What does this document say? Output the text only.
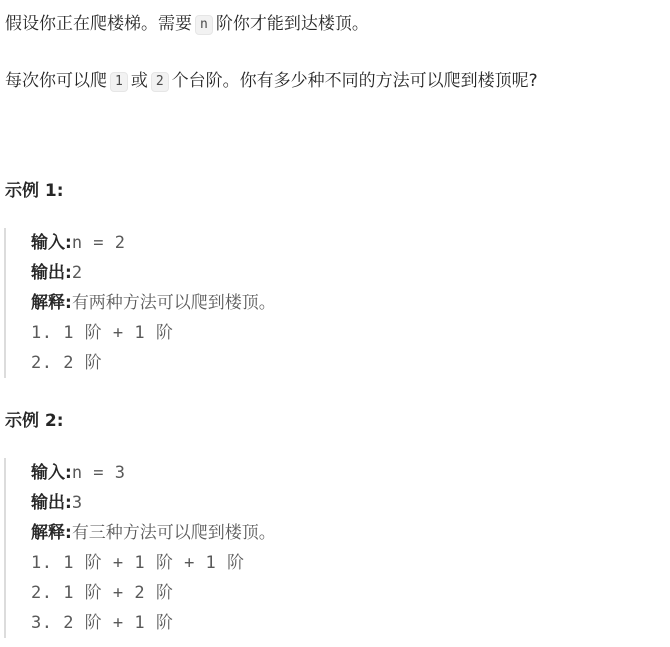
假设你正在爬楼梯。需要 n 阶你才能到达楼顶。

每次你可以爬 1 或 2 个台阶。你有多少种不同的方法可以爬到楼顶呢?

示例 1:
输入:n = 2
输出:2
解释:有两种方法可以爬到楼顶。
1. 1 阶 + 1 阶
2. 2 阶
示例 2:
输入:n = 3
输出:3
解释:有三种方法可以爬到楼顶。
1. 1 阶 + 1 阶 + 1 阶
2. 1 阶 + 2 阶
3. 2 阶 + 1 阶
